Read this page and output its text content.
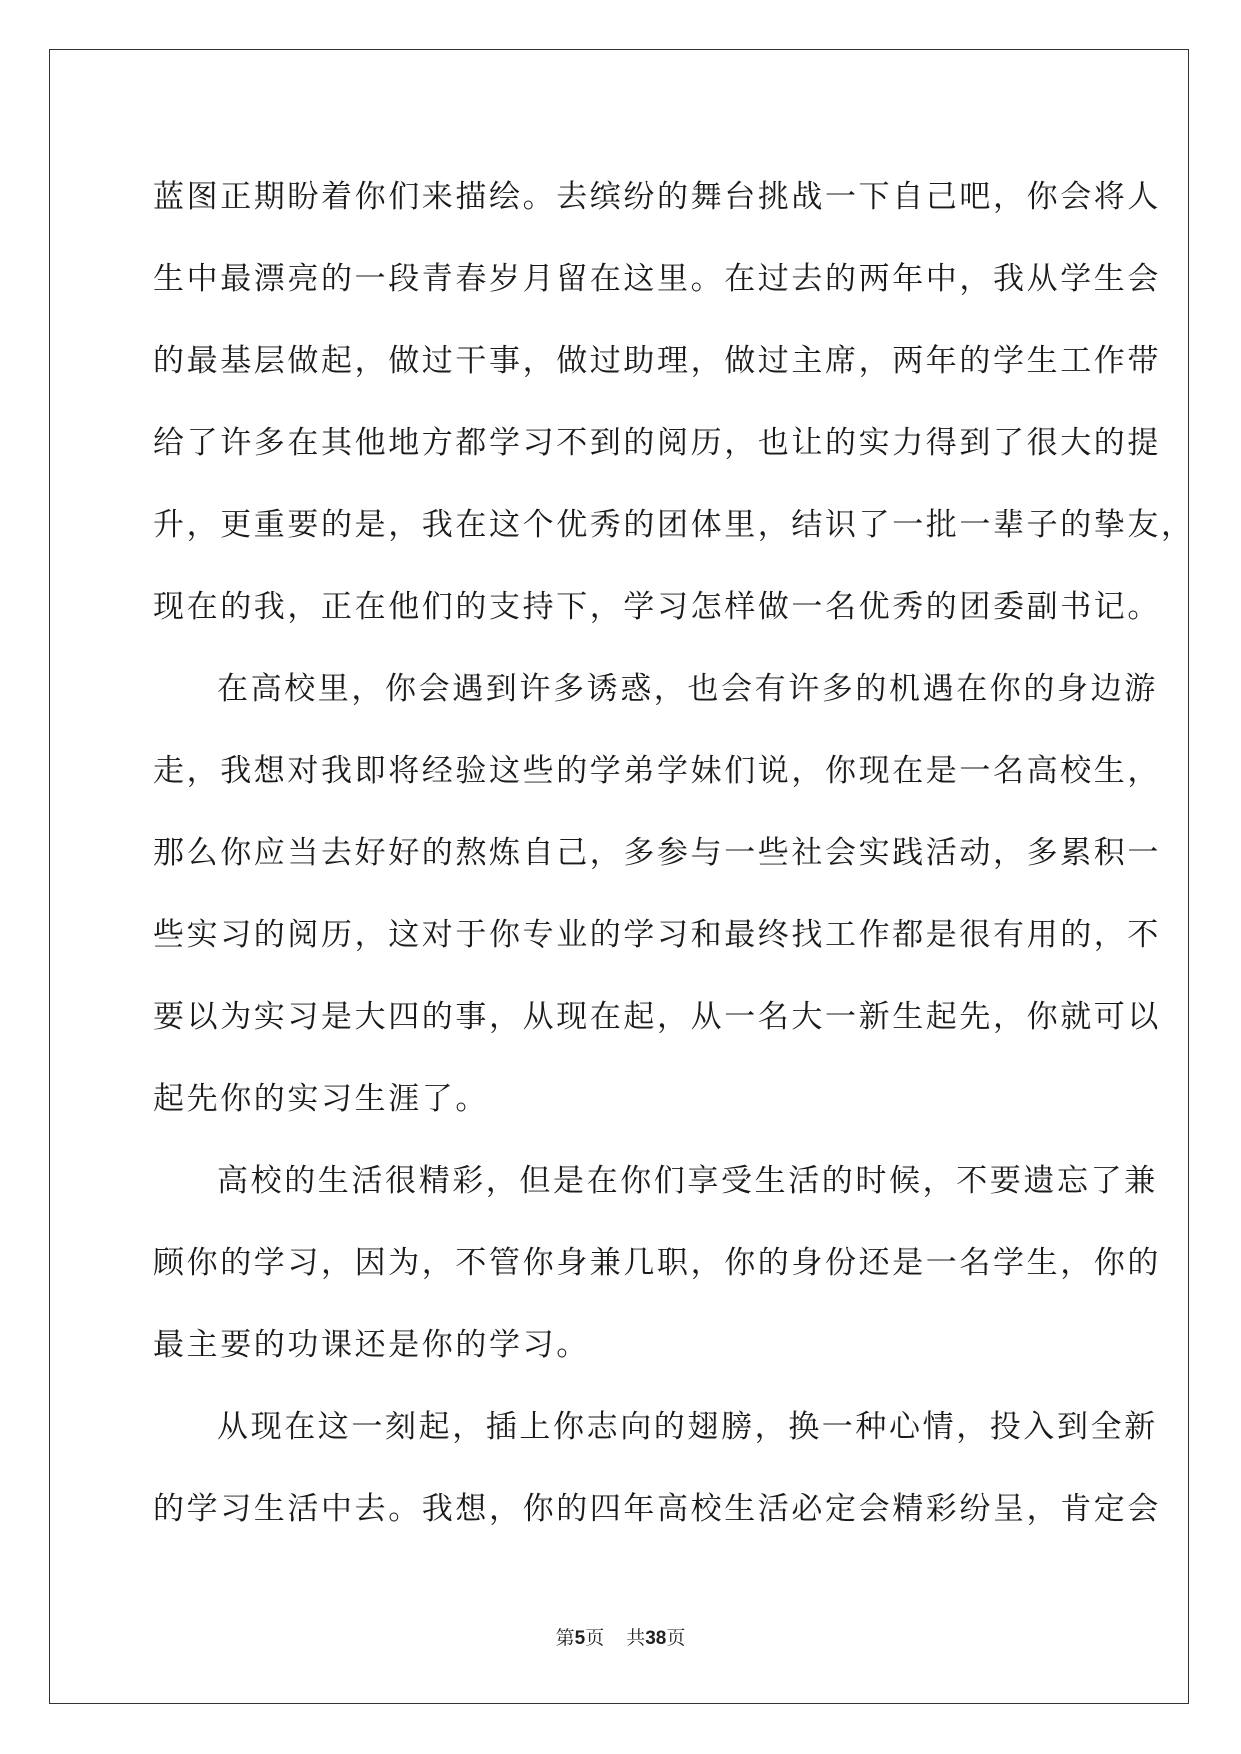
蓝图正期盼着你们来描绘。去缤纷的舞台挑战一下自己吧，你会将人
生中最漂亮的一段青春岁月留在这里。在过去的两年中，我从学生会
的最基层做起，做过干事，做过助理，做过主席，两年的学生工作带
给了许多在其他地方都学习不到的阅历，也让的实力得到了很大的提
升，更重要的是，我在这个优秀的团体里，结识了一批一辈子的挚友，
现在的我，正在他们的支持下，学习怎样做一名优秀的团委副书记。
在高校里，你会遇到许多诱惑，也会有许多的机遇在你的身边游
走，我想对我即将经验这些的学弟学妹们说，你现在是一名高校生，
那么你应当去好好的熬炼自己，多参与一些社会实践活动，多累积一
些实习的阅历，这对于你专业的学习和最终找工作都是很有用的，不
要以为实习是大四的事，从现在起，从一名大一新生起先，你就可以
起先你的实习生涯了。
高校的生活很精彩，但是在你们享受生活的时候，不要遗忘了兼
顾你的学习，因为，不管你身兼几职，你的身份还是一名学生，你的
最主要的功课还是你的学习。
从现在这一刻起，插上你志向的翅膀，换一种心情，投入到全新
的学习生活中去。我想，你的四年高校生活必定会精彩纷呈，肯定会
第5页 共38页
